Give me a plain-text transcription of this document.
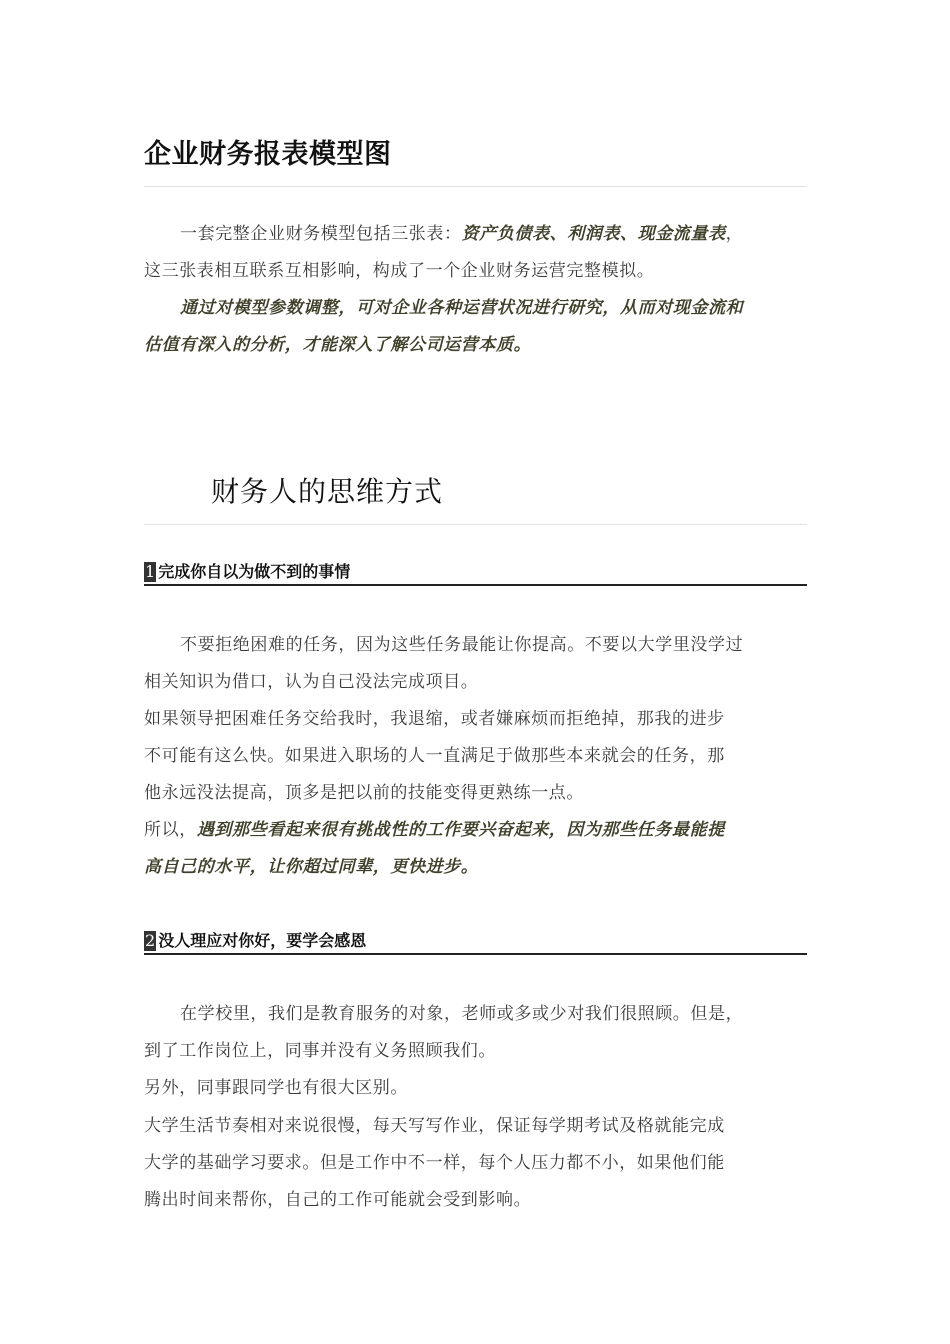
企业财务报表模型图
一套完整企业财务模型包括三张表：资产负债表、利润表、现金流量表，
这三张表相互联系互相影响，构成了一个企业财务运营完整模拟。
通过对模型参数调整，可对企业各种运营状况进行研究，从而对现金流和
估值有深入的分析，才能深入了解公司运营本质。
财务人的思维方式
1 完成你自以为做不到的事情
不要拒绝困难的任务，因为这些任务最能让你提高。不要以大学里没学过
相关知识为借口，认为自己没法完成项目。
如果领导把困难任务交给我时，我退缩，或者嫌麻烦而拒绝掉，那我的进步
不可能有这么快。如果进入职场的人一直满足于做那些本来就会的任务，那
他永远没法提高，顶多是把以前的技能变得更熟练一点。
所以，遇到那些看起来很有挑战性的工作要兴奋起来，因为那些任务最能提
高自己的水平，让你超过同辈，更快进步。
2 没人理应对你好，要学会感恩
在学校里，我们是教育服务的对象，老师或多或少对我们很照顾。但是，
到了工作岗位上，同事并没有义务照顾我们。
另外，同事跟同学也有很大区别。
大学生活节奏相对来说很慢，每天写写作业，保证每学期考试及格就能完成
大学的基础学习要求。但是工作中不一样，每个人压力都不小，如果他们能
腾出时间来帮你，自己的工作可能就会受到影响。
